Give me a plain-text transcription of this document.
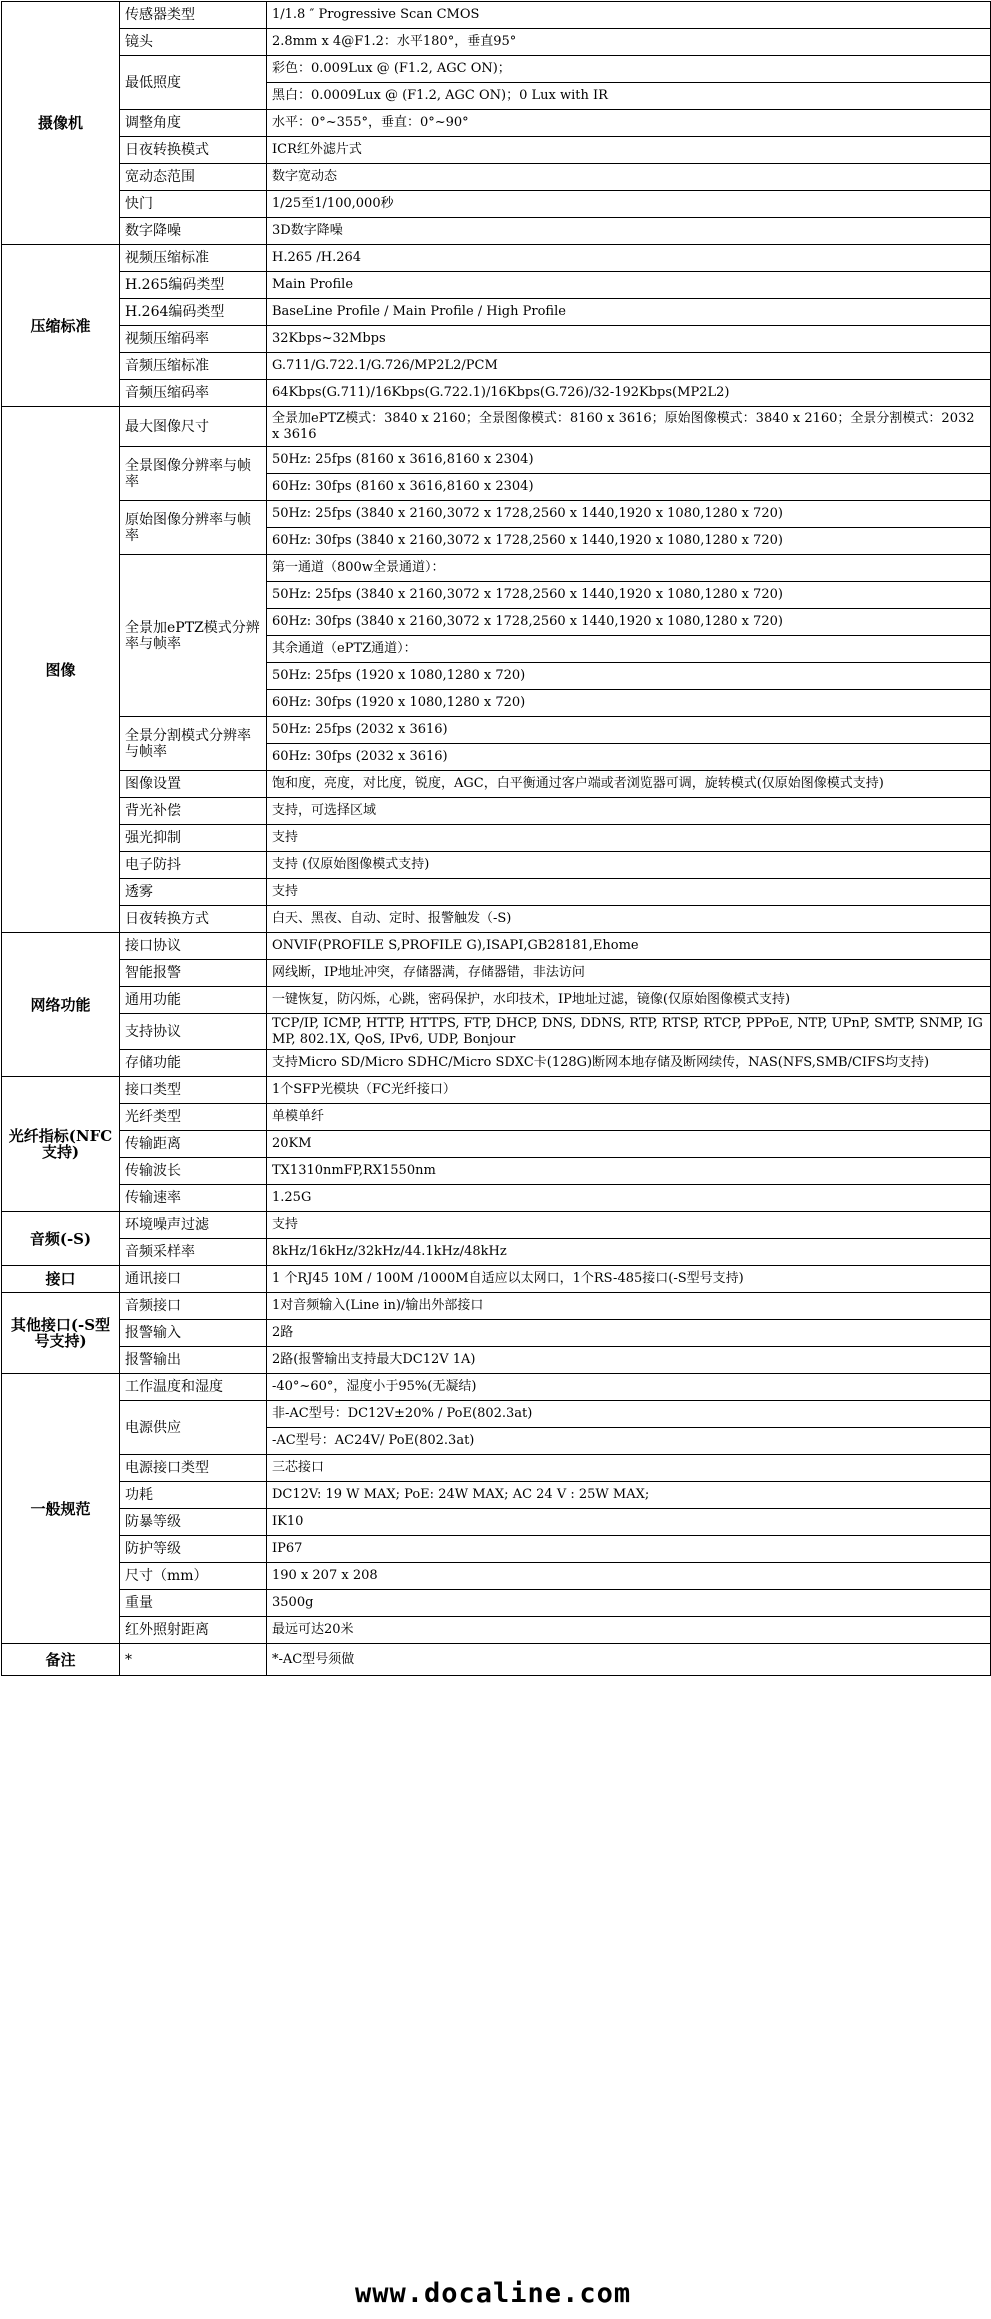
摄像机	传感器类型	1/1.8 ″ Progressive Scan CMOS
	镜头	2.8mm x 4@F1.2：水平180°，垂直95°
	最低照度	彩色：0.009Lux @ (F1.2, AGC ON)；
		黑白：0.0009Lux @ (F1.2, AGC ON)；0 Lux with IR
	调整角度	水平：0°~355°，垂直：0°~90°
	日夜转换模式	ICR红外滤片式
	宽动态范围	数字宽动态
	快门	1/25至1/100,000秒
	数字降噪	3D数字降噪
压缩标准	视频压缩标准	H.265 /H.264
	H.265编码类型	Main Profile
	H.264编码类型	BaseLine Profile / Main Profile / High Profile
	视频压缩码率	32Kbps~32Mbps
	音频压缩标准	G.711/G.722.1/G.726/MP2L2/PCM
	音频压缩码率	64Kbps(G.711)/16Kbps(G.722.1)/16Kbps(G.726)/32-192Kbps(MP2L2)
图像	最大图像尺寸	全景加ePTZ模式：3840 x 2160；全景图像模式：8160 x 3616；原始图像模式：3840 x 2160；全景分割模式：2032 x 3616
	全景图像分辨率与帧率	50Hz: 25fps (8160 x 3616,8160 x 2304)
		60Hz: 30fps (8160 x 3616,8160 x 2304)
	原始图像分辨率与帧率	50Hz: 25fps (3840 x 2160,3072 x 1728,2560 x 1440,1920 x 1080,1280 x 720)
		60Hz: 30fps (3840 x 2160,3072 x 1728,2560 x 1440,1920 x 1080,1280 x 720)
	全景加ePTZ模式分辨率与帧率	第一通道（800w全景通道）：
		50Hz: 25fps (3840 x 2160,3072 x 1728,2560 x 1440,1920 x 1080,1280 x 720)
		60Hz: 30fps (3840 x 2160,3072 x 1728,2560 x 1440,1920 x 1080,1280 x 720)
		其余通道（ePTZ通道）：
		50Hz: 25fps (1920 x 1080,1280 x 720)
		60Hz: 30fps (1920 x 1080,1280 x 720)
	全景分割模式分辨率与帧率	50Hz: 25fps (2032 x 3616)
		60Hz: 30fps (2032 x 3616)
	图像设置	饱和度，亮度，对比度，锐度，AGC，白平衡通过客户端或者浏览器可调，旋转模式(仅原始图像模式支持)
	背光补偿	支持，可选择区域
	强光抑制	支持
	电子防抖	支持 (仅原始图像模式支持)
	透雾	支持
	日夜转换方式	白天、黑夜、自动、定时、报警触发（-S)
网络功能	接口协议	ONVIF(PROFILE S,PROFILE G),ISAPI,GB28181,Ehome
	智能报警	网线断，IP地址冲突，存储器满，存储器错，非法访问
	通用功能	一键恢复，防闪烁，心跳，密码保护，水印技术，IP地址过滤，镜像(仅原始图像模式支持)
	支持协议	TCP/IP, ICMP, HTTP, HTTPS, FTP, DHCP, DNS, DDNS, RTP, RTSP, RTCP, PPPoE, NTP, UPnP, SMTP, SNMP, IGMP, 802.1X, QoS, IPv6, UDP, Bonjour
	存储功能	支持Micro SD/Micro SDHC/Micro SDXC卡(128G)断网本地存储及断网续传，NAS(NFS,SMB/CIFS均支持)
光纤指标(NFC支持)	接口类型	1个SFP光模块（FC光纤接口）
	光纤类型	单模单纤
	传输距离	20KM
	传输波长	TX1310nmFP,RX1550nm
	传输速率	1.25G
音频(-S)	环境噪声过滤	支持
	音频采样率	8kHz/16kHz/32kHz/44.1kHz/48kHz
接口	通讯接口	1 个RJ45 10M / 100M /1000M自适应以太网口，1个RS-485接口(-S型号支持)
其他接口(-S型号支持)	音频接口	1对音频输入(Line in)/输出外部接口
	报警输入	2路
	报警输出	2路(报警输出支持最大DC12V 1A)
一般规范	工作温度和湿度	-40°~60°，湿度小于95%(无凝结)
	电源供应	非-AC型号：DC12V±20% / PoE(802.3at)
		-AC型号：AC24V/ PoE(802.3at)
	电源接口类型	三芯接口
	功耗	DC12V: 19 W MAX; PoE: 24W MAX; AC 24 V : 25W MAX;
	防暴等级	IK10
	防护等级	IP67
	尺寸（mm）	190 x 207 x 208
	重量	3500g
	红外照射距离	最远可达20米
备注	*	*-AC型号须做
www.docaline.com
